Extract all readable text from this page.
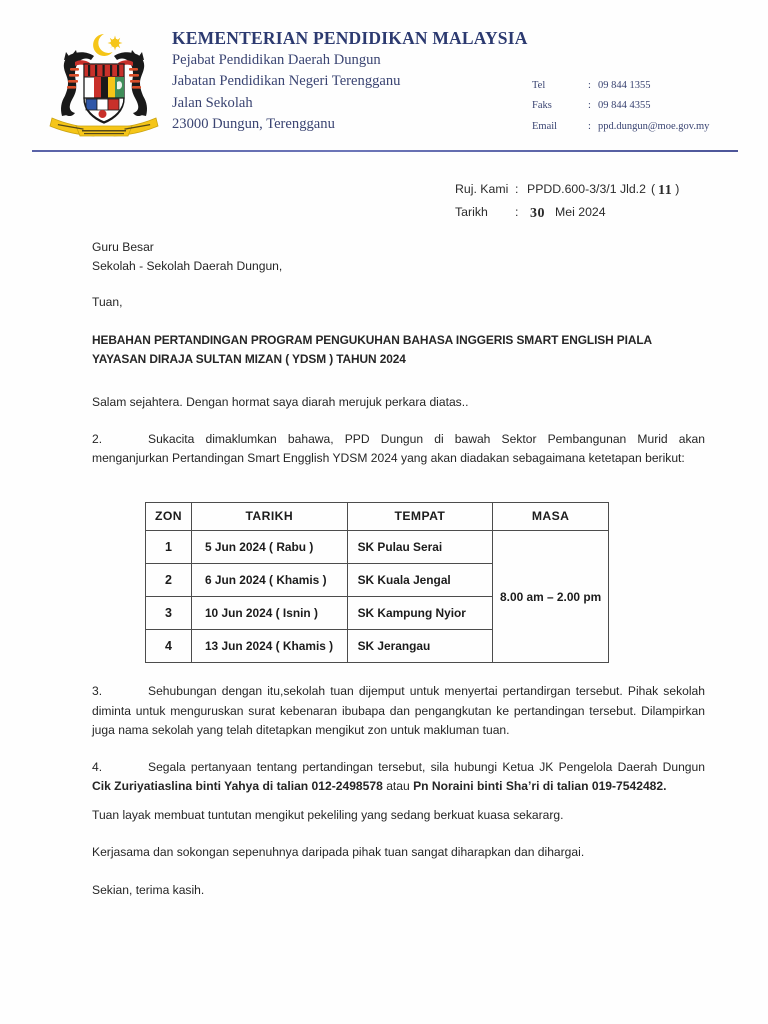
KEMENTERIAN PENDIDIKAN MALAYSIA
Pejabat Pendidikan Daerah Dungun
Jabatan Pendidikan Negeri Terengganu
Jalan Sekolah
23000 Dungun, Terengganu
Tel	: 09 844 1355
Faks	: 09 844 4355
Email	: ppd.dungun@moe.gov.my
Ruj. Kami : PPDD.600-3/3/1 Jld.2 ( 11 )
Tarikh	: 30 Mei 2024
Guru Besar
Sekolah - Sekolah Daerah Dungun,
Tuan,
HEBAHAN PERTANDINGAN PROGRAM PENGUKUHAN BAHASA INGGERIS SMART ENGLISH PIALA
YAYASAN DIRAJA SULTAN MIZAN ( YDSM ) TAHUN 2024
Salam sejahtera. Dengan hormat saya diarah merujuk perkara diatas..
2.	Sukacita dimaklumkan bahawa, PPD Dungun di bawah Sektor Pembangunan Murid akan menganjurkan Pertandingan Smart Engglish YDSM 2024 yang akan diadakan sebagaimana ketetapan berikut:
ZON	TARIKH	TEMPAT	MASA
1	5 Jun 2024 ( Rabu )	SK Pulau Serai	8.00 am – 2.00 pm
2	6 Jun 2024 ( Khamis )	SK Kuala Jengal	
3	10 Jun 2024 ( Isnin )	SK Kampung Nyior	
4	13 Jun 2024 ( Khamis )	SK Jerangau	
3.	Sehubungan dengan itu,sekolah tuan dijemput untuk menyertai pertandirgan tersebut. Pihak sekolah diminta untuk menguruskan surat kebenaran ibubapa dan pengangkutan ke pertandingan tersebut. Dilampirkan juga nama sekolah yang telah ditetapkan mengikut zon untuk makluman tuan.
4.	Segala pertanyaan tentang pertandingan tersebut, sila hubungi Ketua JK Pengelola Daerah Dungun Cik Zuriyatiaslina binti Yahya di talian 012-2498578 atau Pn Noraini binti Sha’ri di talian 019-7542482.
Tuan layak membuat tuntutan mengikut pekeliling yang sedang berkuat kuasa sekararg.
Kerjasama dan sokongan sepenuhnya daripada pihak tuan sangat diharapkan dan dihargai.
Sekian, terima kasih.
